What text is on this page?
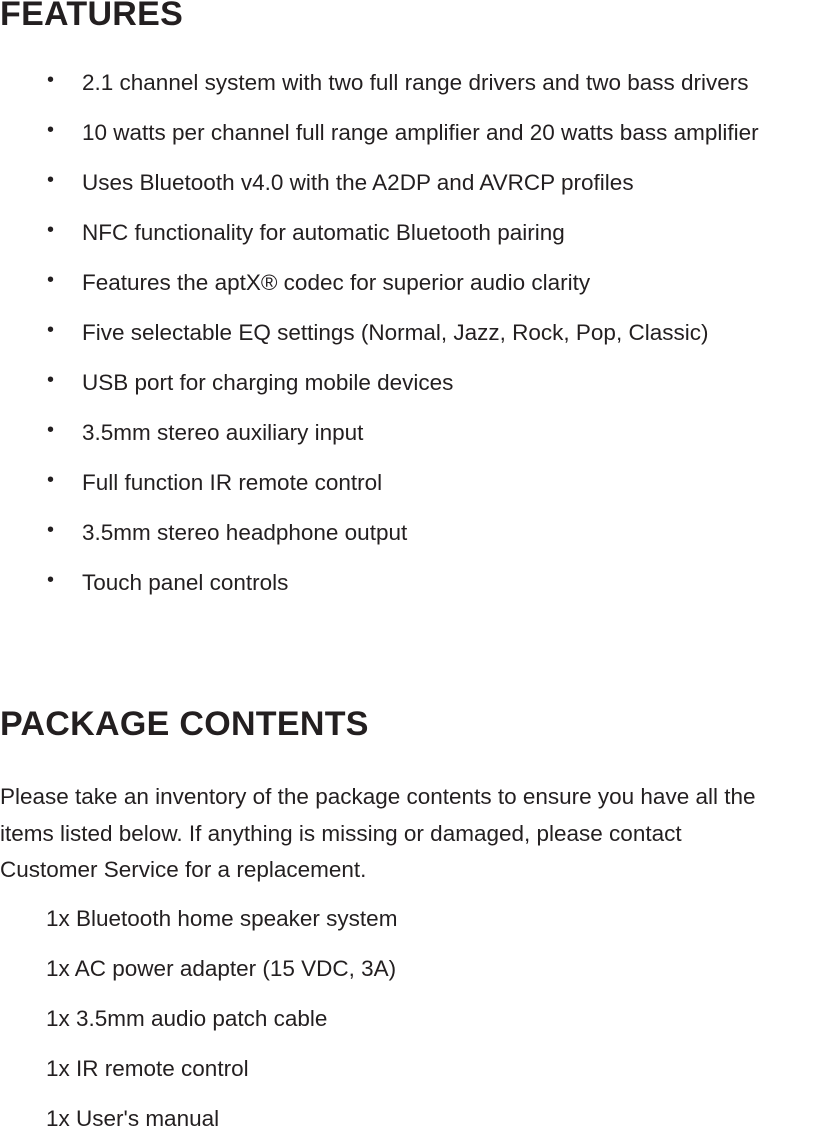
FEATURES
• 2.1 channel system with two full range drivers and two bass drivers
• 10 watts per channel full range amplifier and 20 watts bass amplifier
• Uses Bluetooth v4.0 with the A2DP and AVRCP profiles
• NFC functionality for automatic Bluetooth pairing
• Features the aptX® codec for superior audio clarity
• Five selectable EQ settings (Normal, Jazz, Rock, Pop, Classic)
• USB port for charging mobile devices
• 3.5mm stereo auxiliary input
• Full function IR remote control
• 3.5mm stereo headphone output
• Touch panel controls
PACKAGE CONTENTS

Please take an inventory of the package contents to ensure you have all the
items listed below. If anything is missing or damaged, please contact
Customer Service for a replacement.

1x Bluetooth home speaker system
1x AC power adapter (15 VDC, 3A)
1x 3.5mm audio patch cable
1x IR remote control
1x User's manual
